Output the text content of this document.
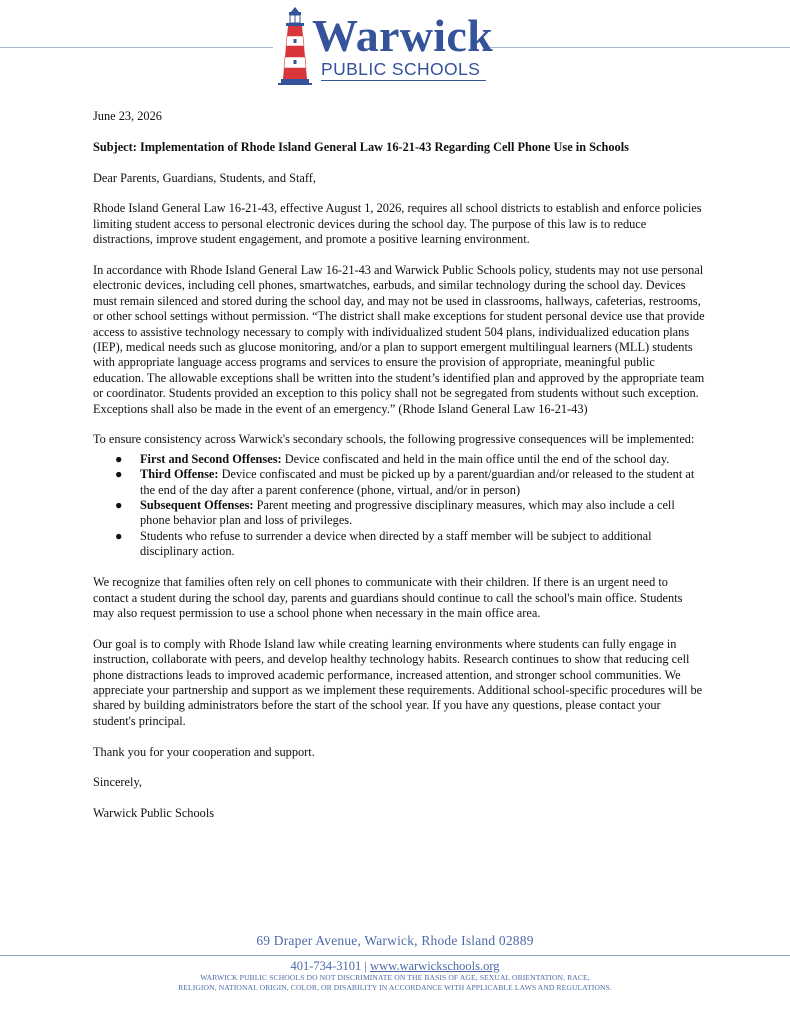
Warwick
PUBLIC SCHOOLS

June 23, 2026

Subject: Implementation of Rhode Island General Law 16-21-43 Regarding Cell Phone Use in Schools

Dear Parents, Guardians, Students, and Staff,

Rhode Island General Law 16-21-43, effective August 1, 2026, requires all school districts to establish and enforce policies limiting student access to personal electronic devices during the school day. The purpose of this law is to reduce distractions, improve student engagement, and promote a positive learning environment.

In accordance with Rhode Island General Law 16-21-43 and Warwick Public Schools policy, students may not use personal electronic devices, including cell phones, smartwatches, earbuds, and similar technology during the school day. Devices must remain silenced and stored during the school day, and may not be used in classrooms, hallways, cafeterias, restrooms, or other school settings without permission. “The district shall make exceptions for student personal device use that provide access to assistive technology necessary to comply with individualized student 504 plans, individualized education plans (IEP), medical needs such as glucose monitoring, and/or a plan to support emergent multilingual learners (MLL) students with appropriate language access programs and services to ensure the provision of appropriate, meaningful public education. The allowable exceptions shall be written into the student’s identified plan and approved by the appropriate team or coordinator. Students provided an exception to this policy shall not be segregated from students without such exception. Exceptions shall also be made in the event of an emergency.” (Rhode Island General Law 16-21-43)

To ensure consistency across Warwick's secondary schools, the following progressive consequences will be implemented:

● First and Second Offenses: Device confiscated and held in the main office until the end of the school day.
● Third Offense: Device confiscated and must be picked up by a parent/guardian and/or released to the student at the end of the day after a parent conference (phone, virtual, and/or in person)
● Subsequent Offenses: Parent meeting and progressive disciplinary measures, which may also include a cell phone behavior plan and loss of privileges.
● Students who refuse to surrender a device when directed by a staff member will be subject to additional disciplinary action.

We recognize that families often rely on cell phones to communicate with their children. If there is an urgent need to contact a student during the school day, parents and guardians should continue to call the school's main office. Students may also request permission to use a school phone when necessary in the main office area.

Our goal is to comply with Rhode Island law while creating learning environments where students can fully engage in instruction, collaborate with peers, and develop healthy technology habits. Research continues to show that reducing cell phone distractions leads to improved academic performance, increased attention, and stronger school communities. We appreciate your partnership and support as we implement these requirements. Additional school-specific procedures will be shared by building administrators before the start of the school year. If you have any questions, please contact your student's principal.

Thank you for your cooperation and support.

Sincerely,

Warwick Public Schools

69 Draper Avenue, Warwick, Rhode Island 02889
401-734-3101 | www.warwickschools.org
WARWICK PUBLIC SCHOOLS DO NOT DISCRIMINATE ON THE BASIS OF AGE, SEXUAL ORIENTATION, RACE,
RELIGION, NATIONAL ORIGIN, COLOR, OR DISABILITY IN ACCORDANCE WITH APPLICABLE LAWS AND REGULATIONS.
